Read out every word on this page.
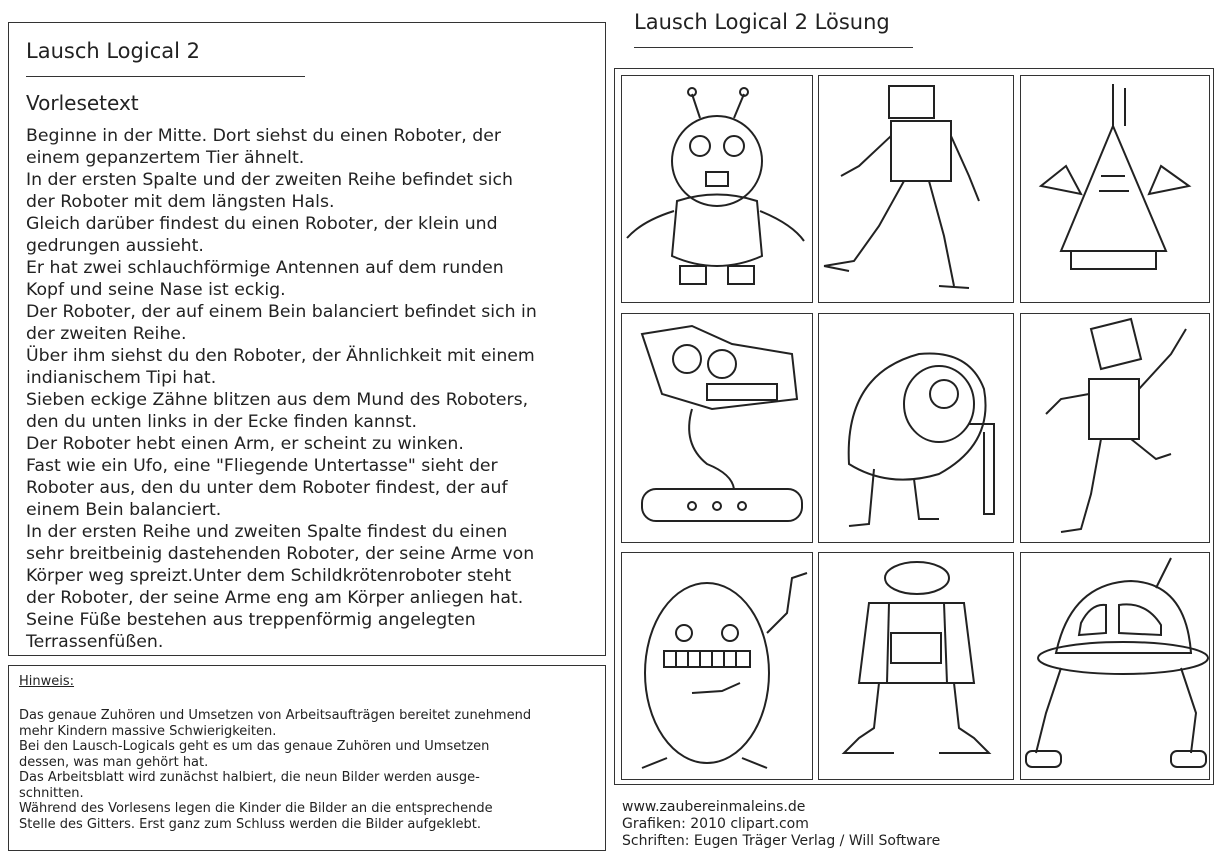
Lausch Logical 2
Vorlesetext
Beginne in der Mitte. Dort siehst du einen Roboter, der
einem gepanzertem Tier ähnelt.
In der ersten Spalte und der zweiten Reihe befindet sich
der Roboter mit dem längsten Hals.
Gleich darüber findest du einen Roboter, der klein und
gedrungen aussieht.
Er hat zwei schlauchförmige Antennen auf dem runden
Kopf und seine Nase ist eckig.
Der Roboter, der auf einem Bein balanciert befindet sich in
der zweiten Reihe.
Über ihm siehst du den Roboter, der Ähnlichkeit mit einem
indianischem Tipi hat.
Sieben eckige Zähne blitzen aus dem Mund des Roboters,
den du unten links in der Ecke finden kannst.
Der Roboter hebt einen Arm, er scheint zu winken.
Fast wie ein Ufo, eine "Fliegende Untertasse" sieht der
Roboter aus, den du unter dem Roboter findest, der auf
einem Bein balanciert.
In der ersten Reihe und zweiten Spalte findest du einen
sehr breitbeinig dastehenden Roboter, der seine Arme von
Körper weg spreizt.Unter dem Schildkrötenroboter steht
der Roboter, der seine Arme eng am Körper anliegen hat.
Seine Füße bestehen aus treppenförmig angelegten
Terrassenfüßen.
Hinweis:
Das genaue Zuhören und Umsetzen von Arbeitsaufträgen bereitet zunehmend
mehr Kindern massive Schwierigkeiten.
Bei den Lausch-Logicals geht es um das genaue Zuhören und Umsetzen
dessen, was man gehört hat.
Das Arbeitsblatt wird zunächst halbiert, die neun Bilder werden ausge-
schnitten.
Während des Vorlesens legen die Kinder die Bilder an die entsprechende
Stelle des Gitters. Erst ganz zum Schluss werden die Bilder aufgeklebt.
Lausch Logical 2 Lösung
www.zaubereinmaleins.de
Grafiken: 2010 clipart.com
Schriften: Eugen Träger Verlag / Will Software
